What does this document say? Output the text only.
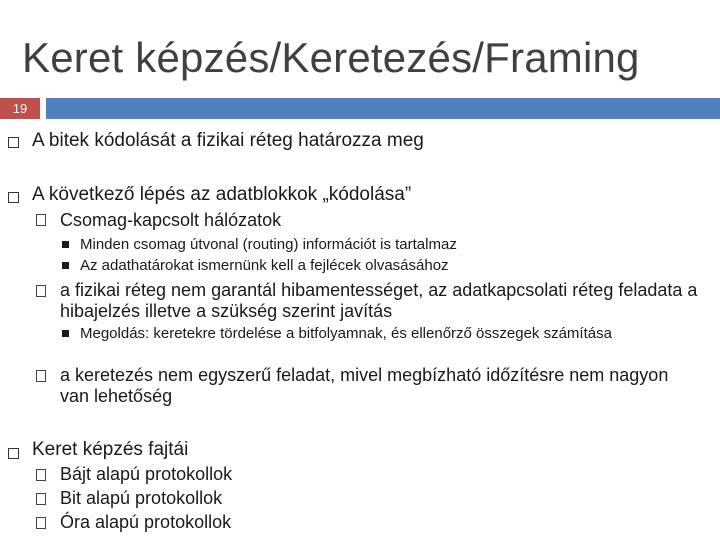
Keret képzés/Keretezés/Framing
19
A bitek kódolását a fizikai réteg határozza meg
A következő lépés az adatblokkok „kódolása”
Csomag-kapcsolt hálózatok
Minden csomag útvonal (routing) információt is tartalmaz
Az adathatárokat ismernünk kell a fejlécek olvasásához
a fizikai réteg nem garantál hibamentességet, az adatkapcsolati réteg feladata a hibajelzés illetve a szükség szerint javítás
Megoldás: keretekre tördelése a bitfolyamnak, és ellenőrző összegek számítása
a keretezés nem egyszerű feladat, mivel megbízható időzítésre nem nagyon van lehetőség
Keret képzés fajtái
Bájt alapú protokollok
Bit alapú protokollok
Óra alapú protokollok
